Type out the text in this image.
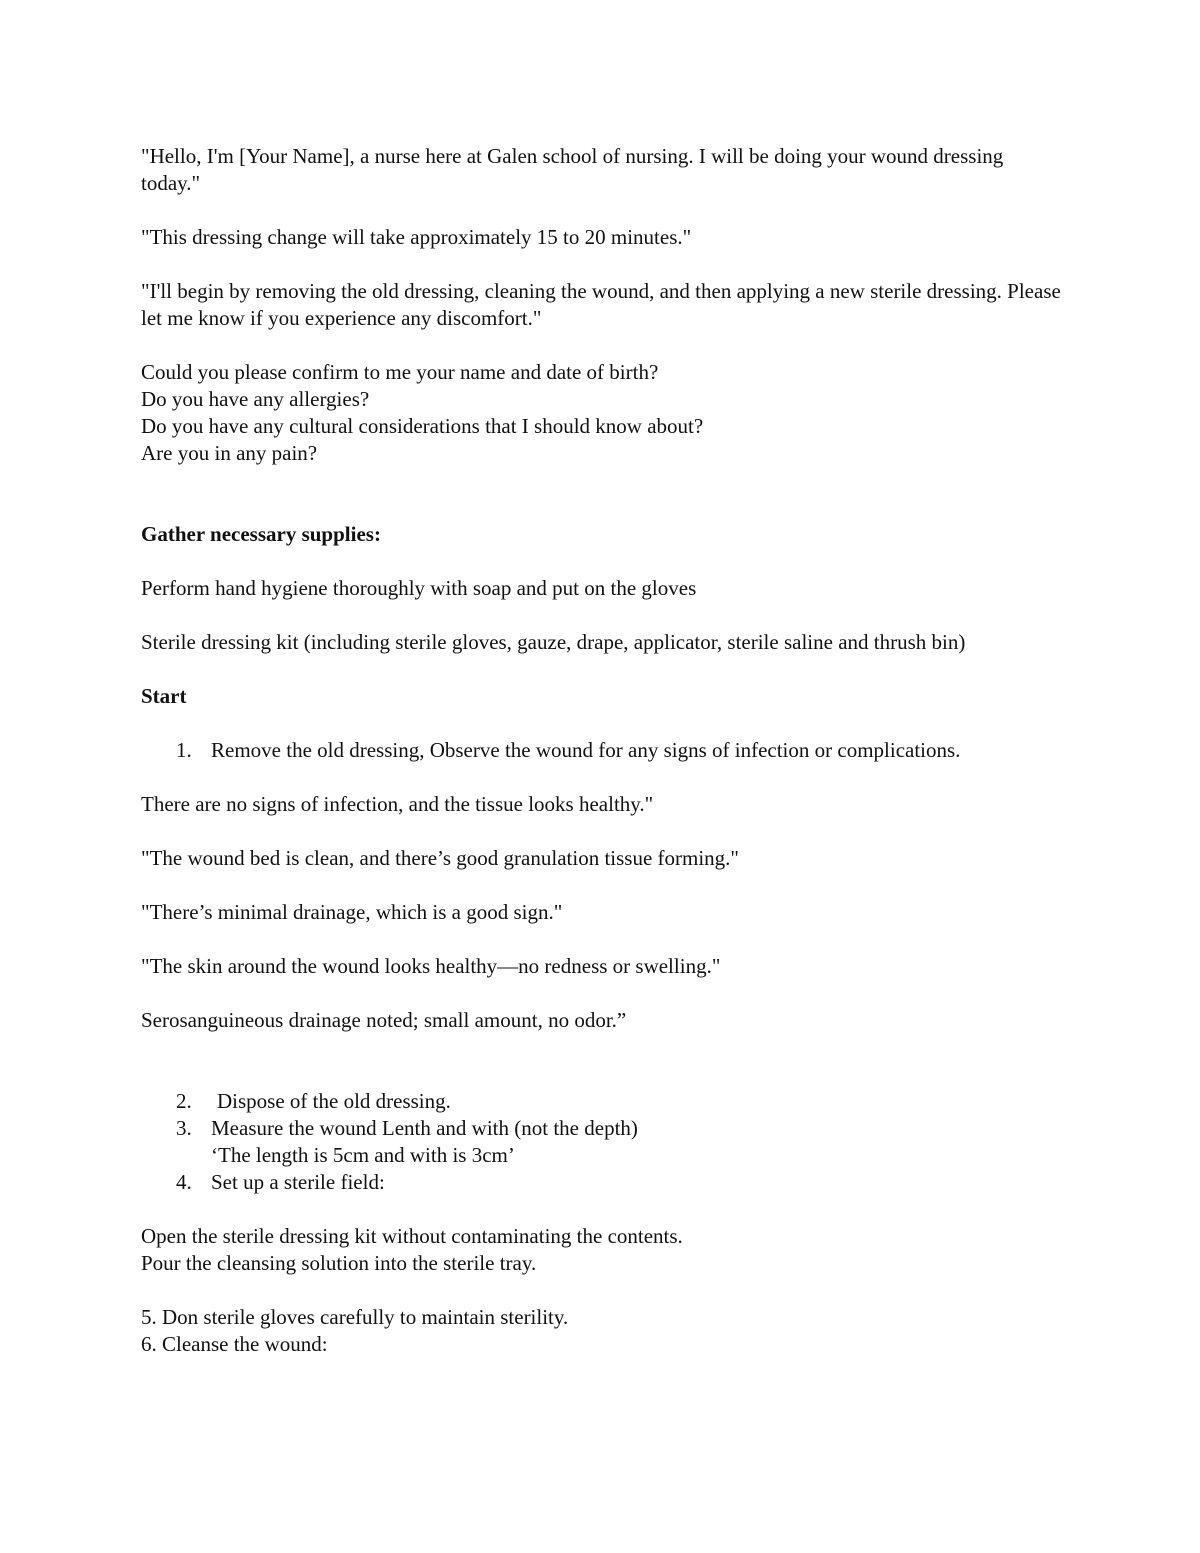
"Hello, I'm [Your Name], a nurse here at Galen school of nursing. I will be doing your wound dressing today."

"This dressing change will take approximately 15 to 20 minutes."

"I'll begin by removing the old dressing, cleaning the wound, and then applying a new sterile dressing. Please let me know if you experience any discomfort."

Could you please confirm to me your name and date of birth?

Do you have any allergies?

Do you have any cultural considerations that I should know about?

Are you in any pain?

Gather necessary supplies:

Perform hand hygiene thoroughly with soap and put on the gloves

Sterile dressing kit (including sterile gloves, gauze, drape, applicator, sterile saline and thrush bin)

Start

1. Remove the old dressing, Observe the wound for any signs of infection or complications.

There are no signs of infection, and the tissue looks healthy."

"The wound bed is clean, and there’s good granulation tissue forming."

"There’s minimal drainage, which is a good sign."

"The skin around the wound looks healthy—no redness or swelling."

Serosanguineous drainage noted; small amount, no odor.”

2.	Dispose of the old dressing.
3. Measure the wound Lenth and with (not the depth)

‘The length is 5cm and with is 3cm’

4. Set up a sterile field:

Open the sterile dressing kit without contaminating the contents.

Pour the cleansing solution into the sterile tray.

5. Don sterile gloves carefully to maintain sterility.

6. Cleanse the wound:
